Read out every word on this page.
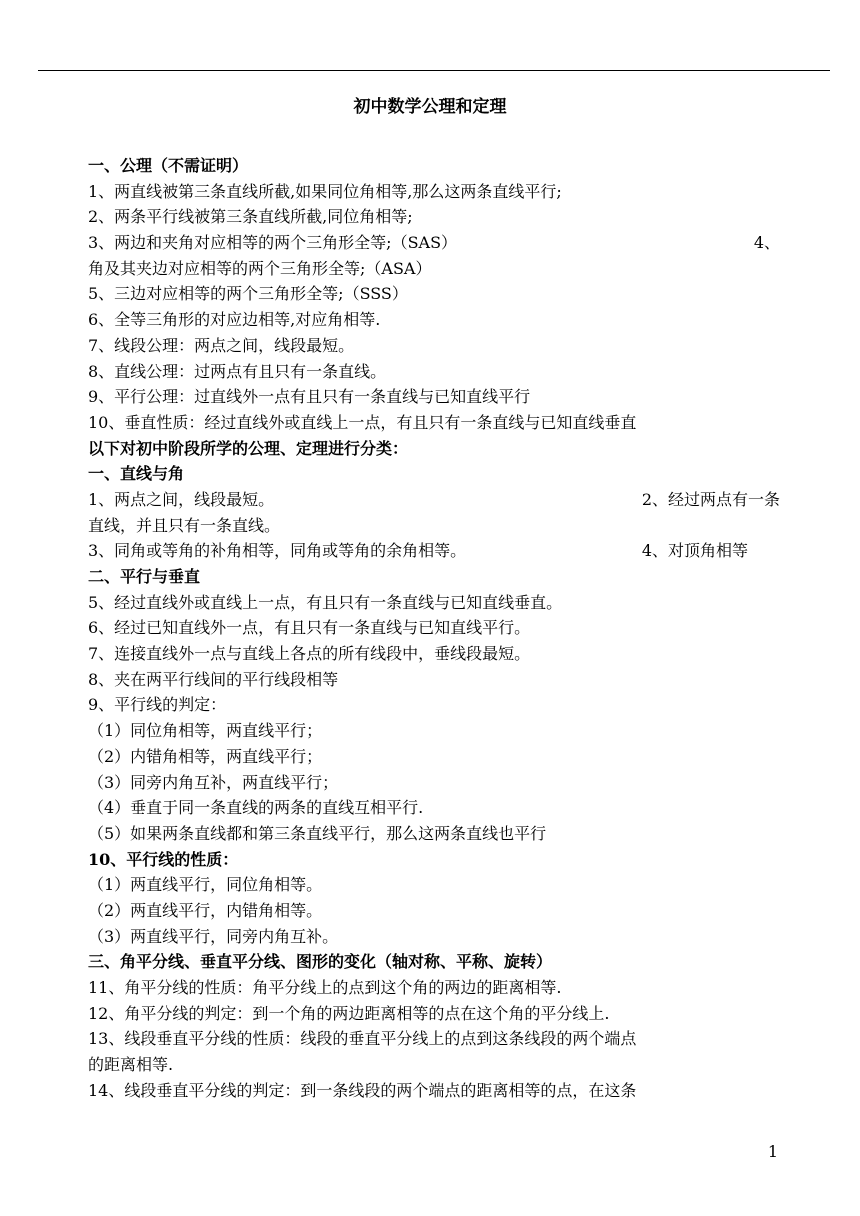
初中数学公理和定理
一、公理（不需证明）
1、两直线被第三条直线所截,如果同位角相等,那么这两条直线平行;
2、两条平行线被第三条直线所截,同位角相等;
3、两边和夹角对应相等的两个三角形全等;（SAS）	4、
角及其夹边对应相等的两个三角形全等;（ASA）
5、三边对应相等的两个三角形全等;（SSS）
6、全等三角形的对应边相等,对应角相等.
7、线段公理：两点之间，线段最短。
8、直线公理：过两点有且只有一条直线。
9、平行公理：过直线外一点有且只有一条直线与已知直线平行
10、垂直性质：经过直线外或直线上一点，有且只有一条直线与已知直线垂直
以下对初中阶段所学的公理、定理进行分类：
一、直线与角
1、两点之间，线段最短。	2、经过两点有一条
直线，并且只有一条直线。
3、同角或等角的补角相等，同角或等角的余角相等。	4、对顶角相等
二、平行与垂直
5、经过直线外或直线上一点，有且只有一条直线与已知直线垂直。
6、经过已知直线外一点，有且只有一条直线与已知直线平行。
7、连接直线外一点与直线上各点的所有线段中，垂线段最短。
8、夹在两平行线间的平行线段相等
9、平行线的判定：
（1）同位角相等，两直线平行；
（2）内错角相等，两直线平行；
（3）同旁内角互补，两直线平行；
（4）垂直于同一条直线的两条的直线互相平行.
（5）如果两条直线都和第三条直线平行，那么这两条直线也平行
10、平行线的性质：
（1）两直线平行，同位角相等。
（2）两直线平行，内错角相等。
（3）两直线平行，同旁内角互补。
三、角平分线、垂直平分线、图形的变化（轴对称、平称、旋转）
11、角平分线的性质：角平分线上的点到这个角的两边的距离相等.
12、角平分线的判定：到一个角的两边距离相等的点在这个角的平分线上.
13、线段垂直平分线的性质：线段的垂直平分线上的点到这条线段的两个端点
的距离相等.
14、线段垂直平分线的判定：到一条线段的两个端点的距离相等的点，在这条
1
